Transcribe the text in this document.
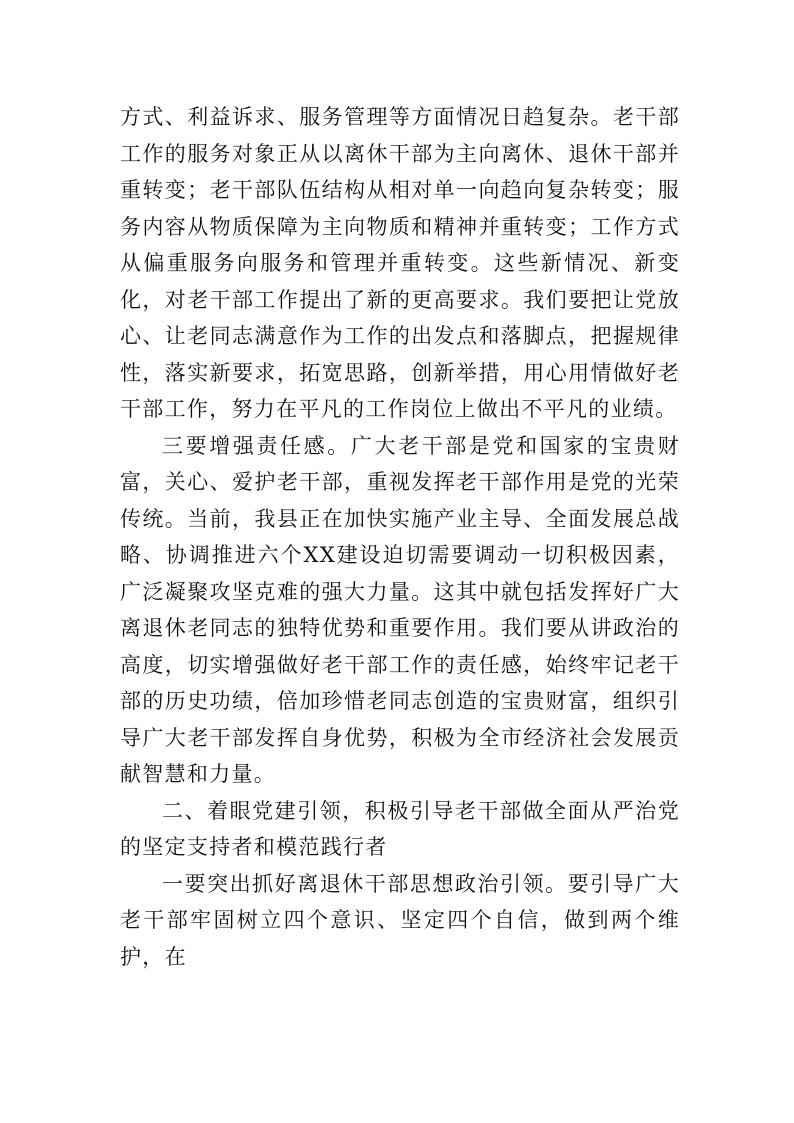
方式、利益诉求、服务管理等方面情况日趋复杂。老干部工作的服务对象正从以离休干部为主向离休、退休干部并重转变；老干部队伍结构从相对单一向趋向复杂转变；服务内容从物质保障为主向物质和精神并重转变；工作方式从偏重服务向服务和管理并重转变。这些新情况、新变化，对老干部工作提出了新的更高要求。我们要把让党放心、让老同志满意作为工作的出发点和落脚点，把握规律性，落实新要求，拓宽思路，创新举措，用心用情做好老干部工作，努力在平凡的工作岗位上做出不平凡的业绩。

三要增强责任感。广大老干部是党和国家的宝贵财富，关心、爱护老干部，重视发挥老干部作用是党的光荣传统。当前，我县正在加快实施产业主导、全面发展总战略、协调推进六个XX建设迫切需要调动一切积极因素，广泛凝聚攻坚克难的强大力量。这其中就包括发挥好广大离退休老同志的独特优势和重要作用。我们要从讲政治的高度，切实增强做好老干部工作的责任感，始终牢记老干部的历史功绩，倍加珍惜老同志创造的宝贵财富，组织引导广大老干部发挥自身优势，积极为全市经济社会发展贡献智慧和力量。

二、着眼党建引领，积极引导老干部做全面从严治党的坚定支持者和模范践行者

一要突出抓好离退休干部思想政治引领。要引导广大老干部牢固树立四个意识、坚定四个自信，做到两个维护，在
